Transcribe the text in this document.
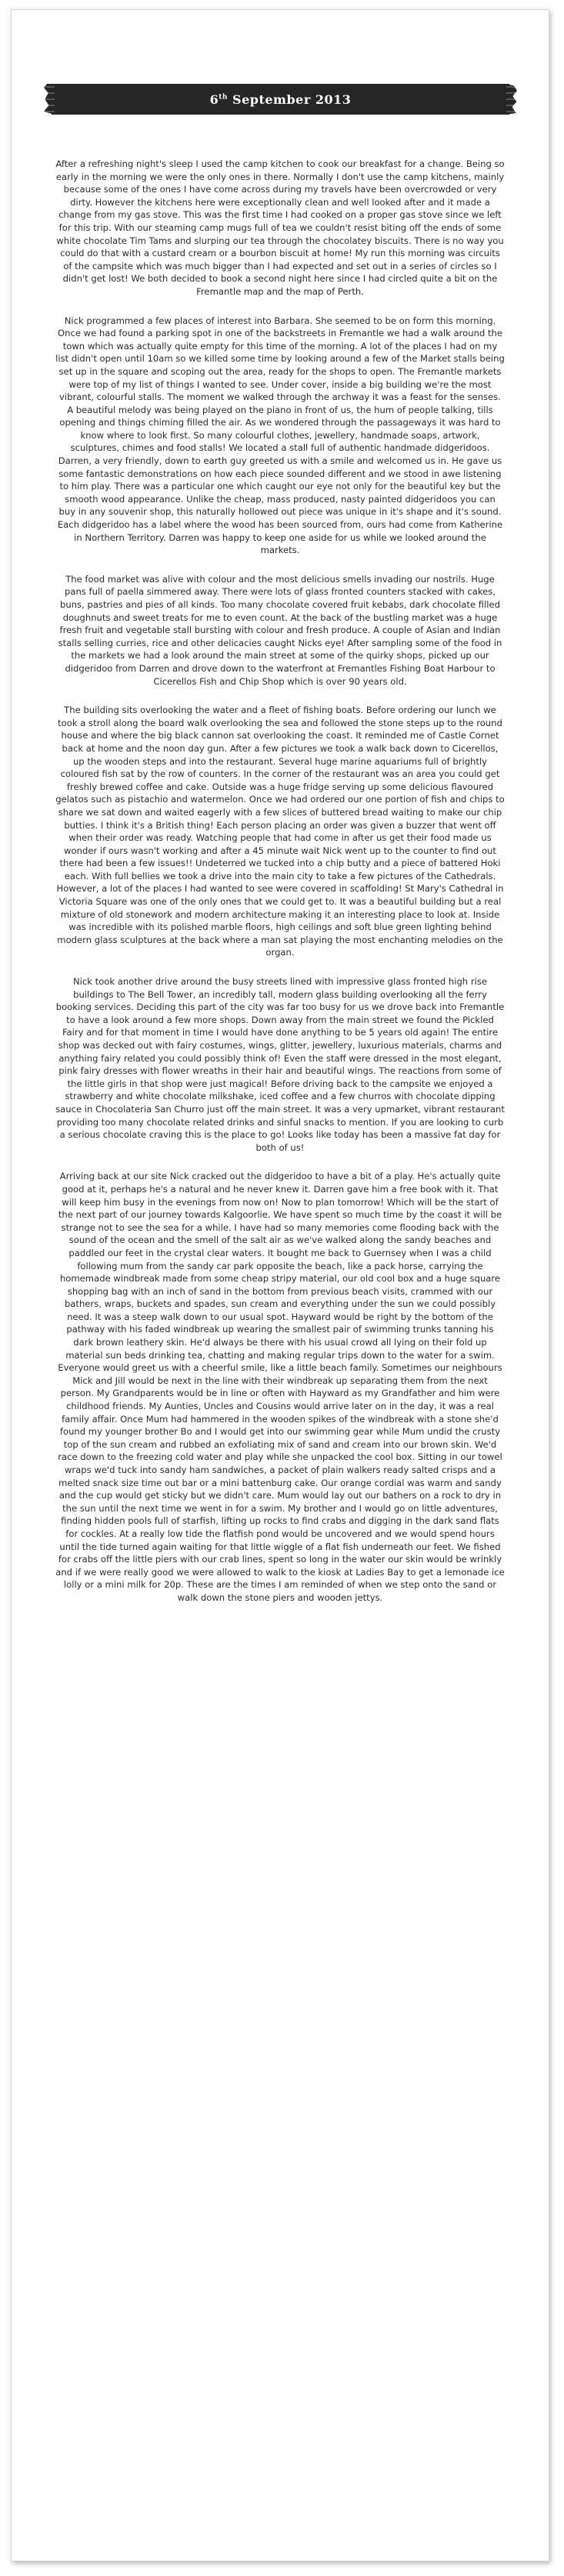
6th September 2013

After a refreshing night's sleep I used the camp kitchen to cook our breakfast for a change. Being so early in the morning we were the only ones in there. Normally I don't use the camp kitchens, mainly because some of the ones I have come across during my travels have been overcrowded or very dirty. However the kitchens here were exceptionally clean and well looked after and it made a change from my gas stove. This was the first time I had cooked on a proper gas stove since we left for this trip. With our steaming camp mugs full of tea we couldn't resist biting off the ends of some white chocolate Tim Tams and slurping our tea through the chocolatey biscuits. There is no way you could do that with a custard cream or a bourbon biscuit at home! My run this morning was circuits of the campsite which was much bigger than I had expected and set out in a series of circles so I didn't get lost! We both decided to book a second night here since I had circled quite a bit on the Fremantle map and the map of Perth.

Nick programmed a few places of interest into Barbara. She seemed to be on form this morning. Once we had found a parking spot in one of the backstreets in Fremantle we had a walk around the town which was actually quite empty for this time of the morning. A lot of the places I had on my list didn't open until 10am so we killed some time by looking around a few of the Market stalls being set up in the square and scoping out the area, ready for the shops to open. The Fremantle markets were top of my list of things I wanted to see. Under cover, inside a big building we're the most vibrant, colourful stalls. The moment we walked through the archway it was a feast for the senses. A beautiful melody was being played on the piano in front of us, the hum of people talking, tills opening and things chiming filled the air. As we wondered through the passageways it was hard to know where to look first. So many colourful clothes, jewellery, handmade soaps, artwork, sculptures, chimes and food stalls! We located a stall full of authentic handmade didgeridoos. Darren, a very friendly, down to earth guy greeted us with a smile and welcomed us in. He gave us some fantastic demonstrations on how each piece sounded different and we stood in awe listening to him play. There was a particular one which caught our eye not only for the beautiful key but the smooth wood appearance. Unlike the cheap, mass produced, nasty painted didgeridoos you can buy in any souvenir shop, this naturally hollowed out piece was unique in it's shape and it's sound. Each didgeridoo has a label where the wood has been sourced from, ours had come from Katherine in Northern Territory. Darren was happy to keep one aside for us while we looked around the markets.

The food market was alive with colour and the most delicious smells invading our nostrils. Huge pans full of paella simmered away. There were lots of glass fronted counters stacked with cakes, buns, pastries and pies of all kinds. Too many chocolate covered fruit kebabs, dark chocolate filled doughnuts and sweet treats for me to even count. At the back of the bustling market was a huge fresh fruit and vegetable stall bursting with colour and fresh produce. A couple of Asian and Indian stalls selling curries, rice and other delicacies caught Nicks eye! After sampling some of the food in the markets we had a look around the main street at some of the quirky shops, picked up our didgeridoo from Darren and drove down to the waterfront at Fremantles Fishing Boat Harbour to Cicerellos Fish and Chip Shop which is over 90 years old.

The building sits overlooking the water and a fleet of fishing boats. Before ordering our lunch we took a stroll along the board walk overlooking the sea and followed the stone steps up to the round house and where the big black cannon sat overlooking the coast. It reminded me of Castle Cornet back at home and the noon day gun. After a few pictures we took a walk back down to Cicerellos, up the wooden steps and into the restaurant. Several huge marine aquariums full of brightly coloured fish sat by the row of counters. In the corner of the restaurant was an area you could get freshly brewed coffee and cake. Outside was a huge fridge serving up some delicious flavoured gelatos such as pistachio and watermelon. Once we had ordered our one portion of fish and chips to share we sat down and waited eagerly with a few slices of buttered bread waiting to make our chip butties. I think it's a British thing! Each person placing an order was given a buzzer that went off when their order was ready. Watching people that had come in after us get their food made us wonder if ours wasn't working and after a 45 minute wait Nick went up to the counter to find out there had been a few issues!! Undeterred we tucked into a chip butty and a piece of battered Hoki each. With full bellies we took a drive into the main city to take a few pictures of the Cathedrals. However, a lot of the places I had wanted to see were covered in scaffolding! St Mary's Cathedral in Victoria Square was one of the only ones that we could get to. It was a beautiful building but a real mixture of old stonework and modern architecture making it an interesting place to look at. Inside was incredible with its polished marble floors, high ceilings and soft blue green lighting behind modern glass sculptures at the back where a man sat playing the most enchanting melodies on the organ.

Nick took another drive around the busy streets lined with impressive glass fronted high rise buildings to The Bell Tower, an incredibly tall, modern glass building overlooking all the ferry booking services. Deciding this part of the city was far too busy for us we drove back into Fremantle to have a look around a few more shops. Down away from the main street we found the Pickled Fairy and for that moment in time I would have done anything to be 5 years old again! The entire shop was decked out with fairy costumes, wings, glitter, jewellery, luxurious materials, charms and anything fairy related you could possibly think of! Even the staff were dressed in the most elegant, pink fairy dresses with flower wreaths in their hair and beautiful wings. The reactions from some of the little girls in that shop were just magical! Before driving back to the campsite we enjoyed a strawberry and white chocolate milkshake, iced coffee and a few churros with chocolate dipping sauce in Chocolateria San Churro just off the main street. It was a very upmarket, vibrant restaurant providing too many chocolate related drinks and sinful snacks to mention. If you are looking to curb a serious chocolate craving this is the place to go! Looks like today has been a massive fat day for both of us!

Arriving back at our site Nick cracked out the didgeridoo to have a bit of a play. He's actually quite good at it, perhaps he's a natural and he never knew it. Darren gave him a free book with it. That will keep him busy in the evenings from now on! Now to plan tomorrow! Which will be the start of the next part of our journey towards Kalgoorlie. We have spent so much time by the coast it will be strange not to see the sea for a while. I have had so many memories come flooding back with the sound of the ocean and the smell of the salt air as we've walked along the sandy beaches and paddled our feet in the crystal clear waters. It bought me back to Guernsey when I was a child following mum from the sandy car park opposite the beach, like a pack horse, carrying the homemade windbreak made from some cheap stripy material, our old cool box and a huge square shopping bag with an inch of sand in the bottom from previous beach visits, crammed with our bathers, wraps, buckets and spades, sun cream and everything under the sun we could possibly need. It was a steep walk down to our usual spot. Hayward would be right by the bottom of the pathway with his faded windbreak up wearing the smallest pair of swimming trunks tanning his dark brown leathery skin. He'd always be there with his usual crowd all lying on their fold up material sun beds drinking tea, chatting and making regular trips down to the water for a swim. Everyone would greet us with a cheerful smile, like a little beach family. Sometimes our neighbours Mick and Jill would be next in the line with their windbreak up separating them from the next person. My Grandparents would be in line or often with Hayward as my Grandfather and him were childhood friends. My Aunties, Uncles and Cousins would arrive later on in the day, it was a real family affair. Once Mum had hammered in the wooden spikes of the windbreak with a stone she'd found my younger brother Bo and I would get into our swimming gear while Mum undid the crusty top of the sun cream and rubbed an exfoliating mix of sand and cream into our brown skin. We'd race down to the freezing cold water and play while she unpacked the cool box. Sitting in our towel wraps we'd tuck into sandy ham sandwiches, a packet of plain walkers ready salted crisps and a melted snack size time out bar or a mini battenburg cake. Our orange cordial was warm and sandy and the cup would get sticky but we didn't care. Mum would lay out our bathers on a rock to dry in the sun until the next time we went in for a swim. My brother and I would go on little adventures, finding hidden pools full of starfish, lifting up rocks to find crabs and digging in the dark sand flats for cockles. At a really low tide the flatfish pond would be uncovered and we would spend hours until the tide turned again waiting for that little wiggle of a flat fish underneath our feet. We fished for crabs off the little piers with our crab lines, spent so long in the water our skin would be wrinkly and if we were really good we were allowed to walk to the kiosk at Ladies Bay to get a lemonade ice lolly or a mini milk for 20p. These are the times I am reminded of when we step onto the sand or walk down the stone piers and wooden jettys.
